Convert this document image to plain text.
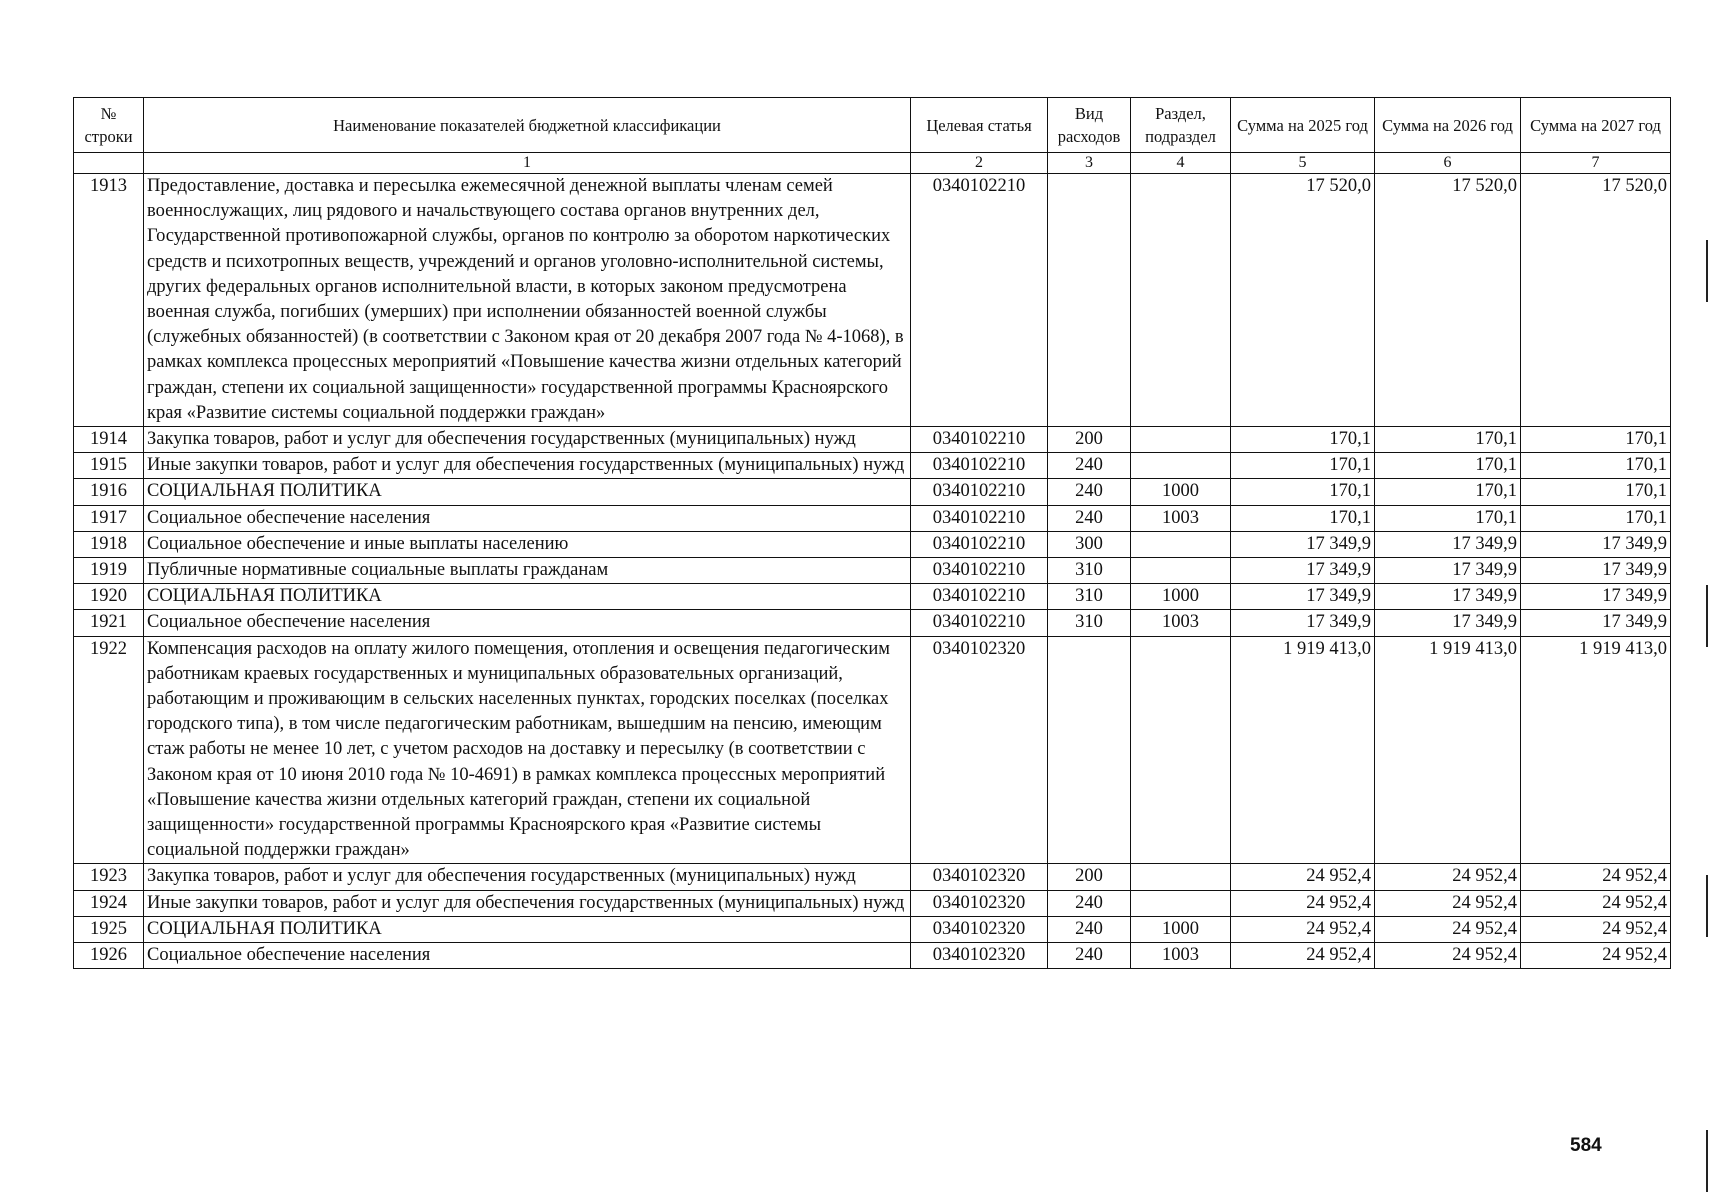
№ строки	Наименование показателей бюджетной классификации	Целевая статья	Вид расходов	Раздел, подраздел	Сумма на 2025 год	Сумма на 2026 год	Сумма на 2027 год
	1	2	3	4	5	6	7
1913	Предоставление, доставка и пересылка ежемесячной денежной выплаты членам семей военнослужащих, лиц рядового и начальствующего состава органов внутренних дел, Государственной противопожарной службы, органов по контролю за оборотом наркотических средств и психотропных веществ, учреждений и органов уголовно-исполнительной системы, других федеральных органов исполнительной власти, в которых законом предусмотрена военная служба, погибших (умерших) при исполнении обязанностей военной службы (служебных обязанностей) (в соответствии с Законом края от 20 декабря 2007 года № 4-1068), в рамках комплекса процессных мероприятий «Повышение качества жизни отдельных категорий граждан, степени их социальной защищенности» государственной программы Красноярского края «Развитие системы социальной поддержки граждан»	0340102210			17 520,0	17 520,0	17 520,0
1914	Закупка товаров, работ и услуг для обеспечения государственных (муниципальных) нужд	0340102210	200		170,1	170,1	170,1
1915	Иные закупки товаров, работ и услуг для обеспечения государственных (муниципальных) нужд	0340102210	240		170,1	170,1	170,1
1916	СОЦИАЛЬНАЯ ПОЛИТИКА	0340102210	240	1000	170,1	170,1	170,1
1917	Социальное обеспечение населения	0340102210	240	1003	170,1	170,1	170,1
1918	Социальное обеспечение и иные выплаты населению	0340102210	300		17 349,9	17 349,9	17 349,9
1919	Публичные нормативные социальные выплаты гражданам	0340102210	310		17 349,9	17 349,9	17 349,9
1920	СОЦИАЛЬНАЯ ПОЛИТИКА	0340102210	310	1000	17 349,9	17 349,9	17 349,9
1921	Социальное обеспечение населения	0340102210	310	1003	17 349,9	17 349,9	17 349,9
1922	Компенсация расходов на оплату жилого помещения, отопления и освещения педагогическим работникам краевых государственных и муниципальных образовательных организаций, работающим и проживающим в сельских населенных пунктах, городских поселках (поселках городского типа), в том числе педагогическим работникам, вышедшим на пенсию, имеющим стаж работы не менее 10 лет, с учетом расходов на доставку и пересылку (в соответствии с Законом края от 10 июня 2010 года № 10-4691) в рамках комплекса процессных мероприятий «Повышение качества жизни отдельных категорий граждан, степени их социальной защищенности» государственной программы Красноярского края «Развитие системы социальной поддержки граждан»	0340102320			1 919 413,0	1 919 413,0	1 919 413,0
1923	Закупка товаров, работ и услуг для обеспечения государственных (муниципальных) нужд	0340102320	200		24 952,4	24 952,4	24 952,4
1924	Иные закупки товаров, работ и услуг для обеспечения государственных (муниципальных) нужд	0340102320	240		24 952,4	24 952,4	24 952,4
1925	СОЦИАЛЬНАЯ ПОЛИТИКА	0340102320	240	1000	24 952,4	24 952,4	24 952,4
1926	Социальное обеспечение населения	0340102320	240	1003	24 952,4	24 952,4	24 952,4
584
